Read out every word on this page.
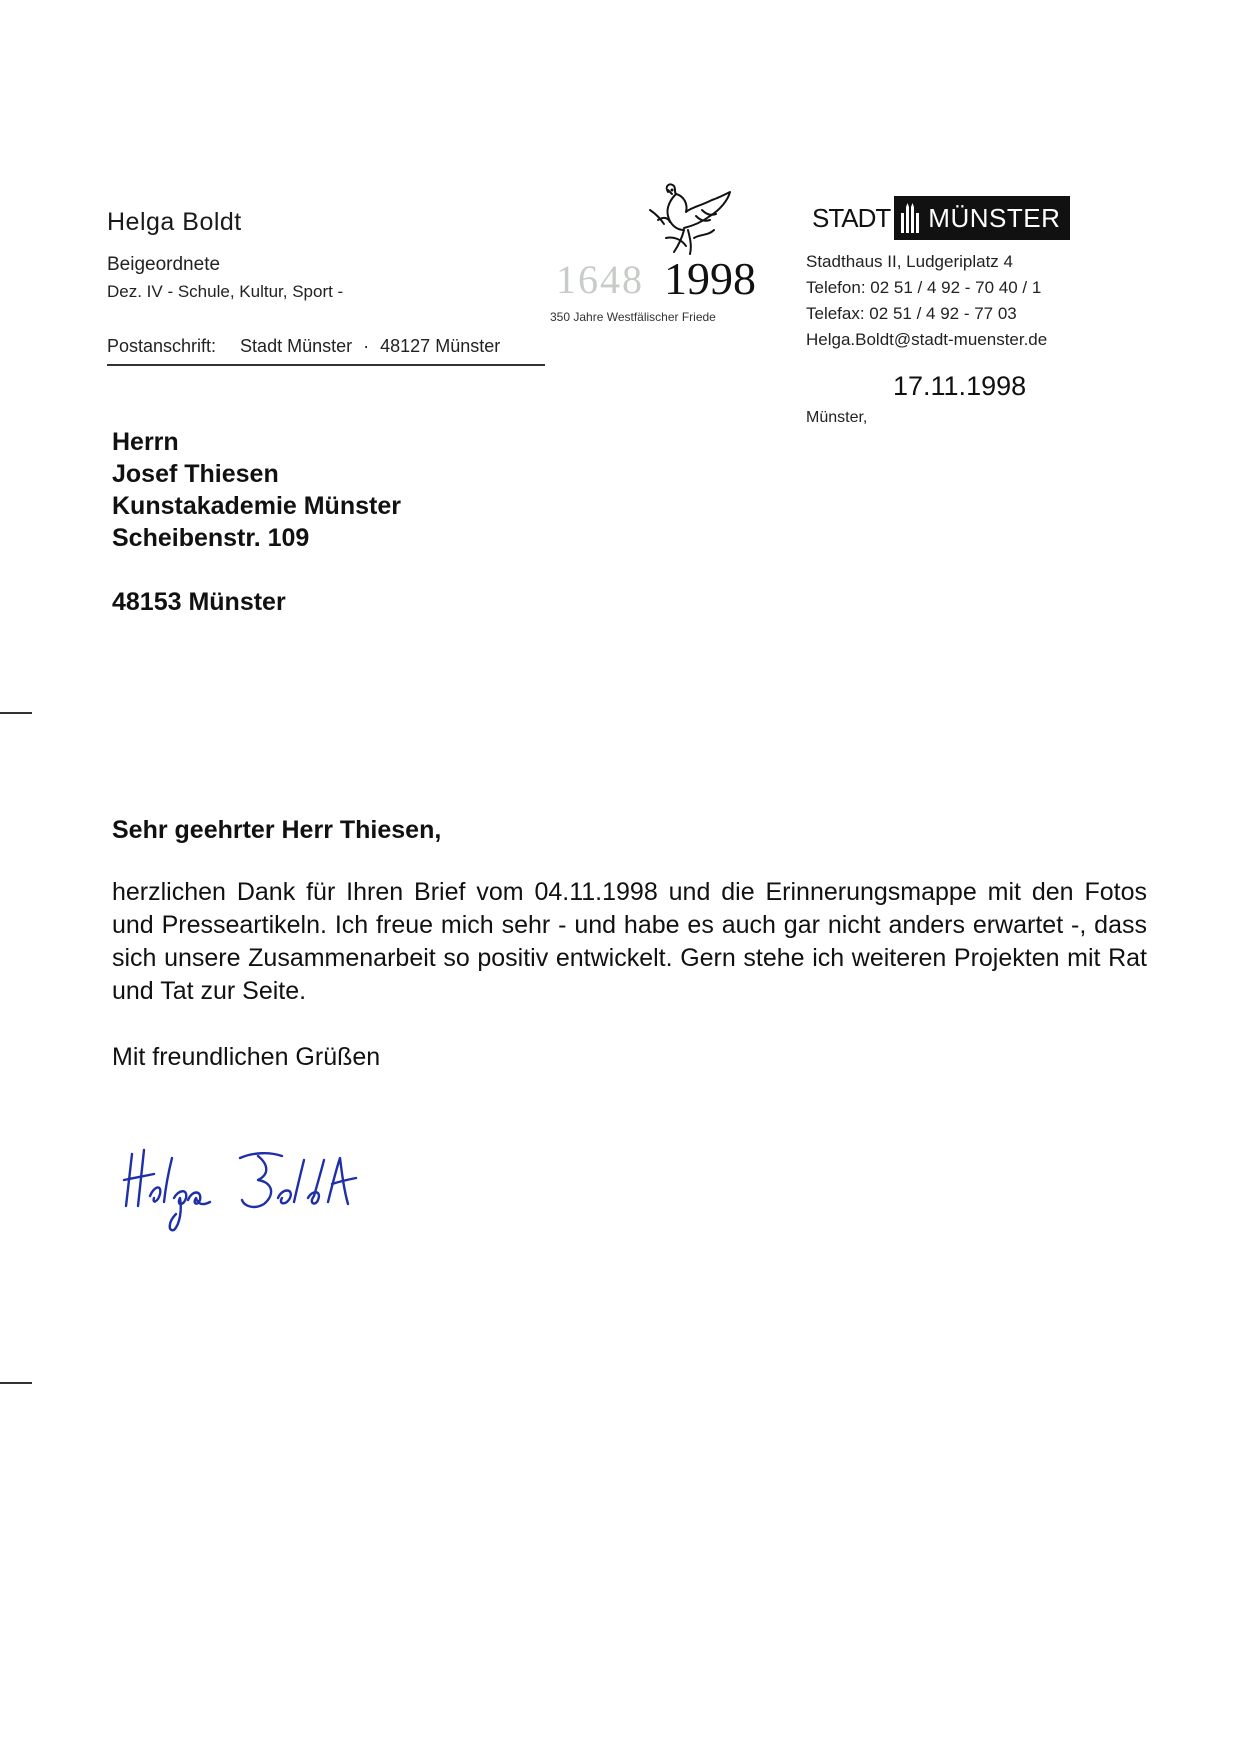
Helga Boldt
Beigeordnete
Dez. IV - Schule, Kultur, Sport -
Postanschrift: Stadt Münster · 48127 Münster
1648 1998
350 Jahre Westfälischer Friede
STADT MÜNSTER
Stadthaus II, Ludgeriplatz 4
Telefon: 02 51 / 4 92 - 70 40 / 1
Telefax: 02 51 / 4 92 - 77 03
Helga.Boldt@stadt-muenster.de
17.11.1998
Münster,
Herrn
Josef Thiesen
Kunstakademie Münster
Scheibenstr. 109
48153 Münster
Sehr geehrter Herr Thiesen,
herzlichen Dank für Ihren Brief vom 04.11.1998 und die Erinnerungsmappe mit den Fotos und Presseartikeln. Ich freue mich sehr - und habe es auch gar nicht anders erwartet -, dass sich unsere Zusammenarbeit so positiv entwickelt. Gern stehe ich weiteren Projekten mit Rat und Tat zur Seite.
Mit freundlichen Grüßen
